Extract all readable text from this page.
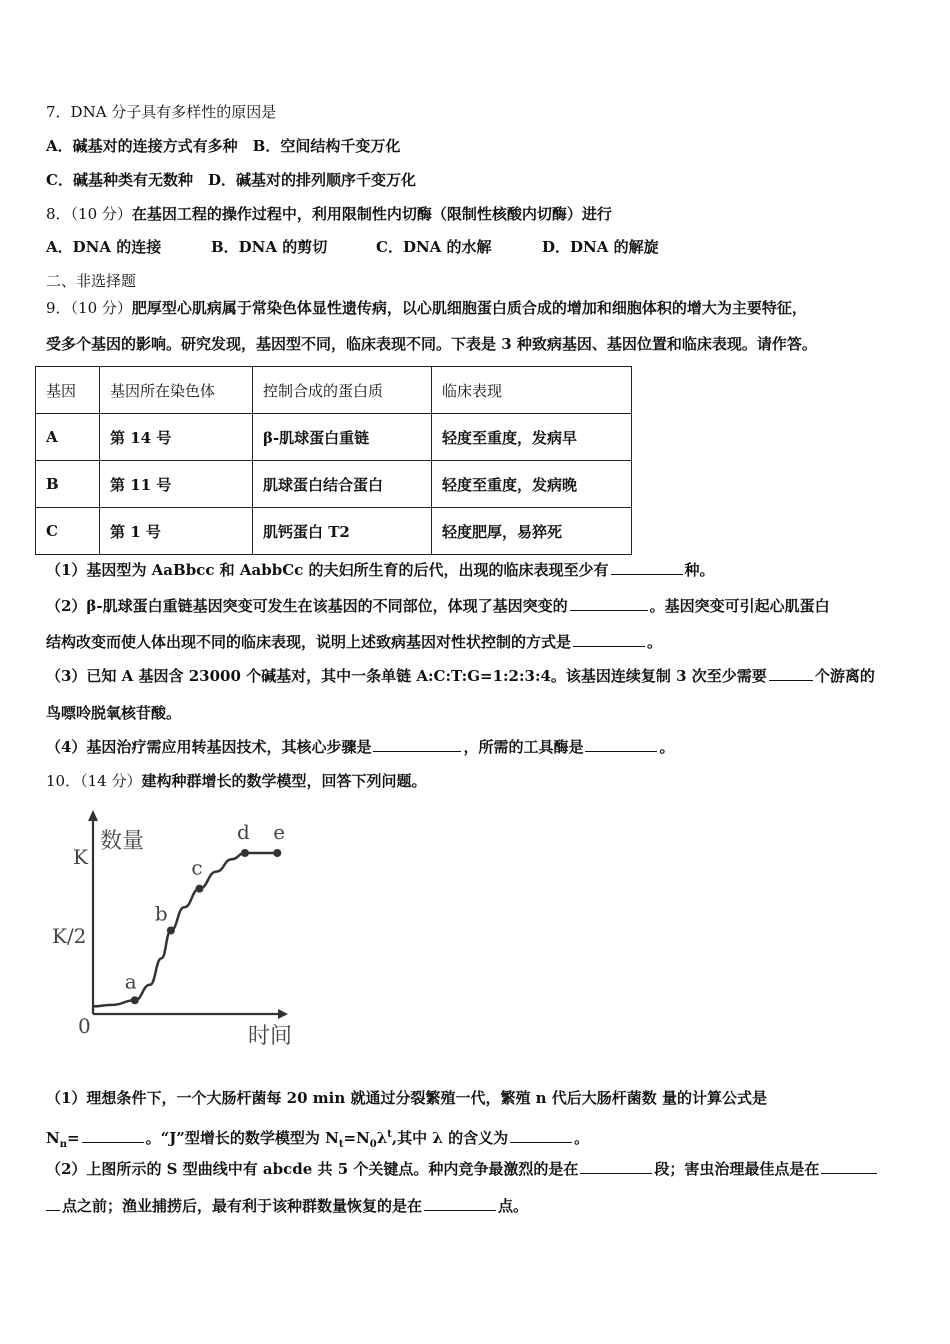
7．DNA 分子具有多样性的原因是
A．碱基对的连接方式有多种　B．空间结构千变万化
C．碱基种类有无数种　D．碱基对的排列顺序千变万化
8．（10 分）在基因工程的操作过程中，利用限制性内切酶（限制性核酸内切酶）进行
A．DNA 的连接	B．DNA 的剪切	C．DNA 的水解	D．DNA 的解旋
二、非选择题
9．（10 分）肥厚型心肌病属于常染色体显性遗传病，以心肌细胞蛋白质合成的增加和细胞体积的增大为主要特征，
受多个基因的影响。研究发现，基因型不同，临床表现不同。下表是 3 种致病基因、基因位置和临床表现。请作答。
基因	基因所在染色体	控制合成的蛋白质	临床表现
A	第 14 号	β-肌球蛋白重链	轻度至重度，发病早
B	第 11 号	肌球蛋白结合蛋白	轻度至重度，发病晚
C	第 1 号	肌钙蛋白 T2	轻度肥厚，易猝死
（1）基因型为 AaBbcc 和 AabbCc 的夫妇所生育的后代，出现的临床表现至少有	种。
（2）β-肌球蛋白重链基因突变可发生在该基因的不同部位，体现了基因突变的	。基因突变可引起心肌蛋白
结构改变而使人体出现不同的临床表现，说明上述致病基因对性状控制的方式是	。
（3）已知 A 基因含 23000 个碱基对，其中一条单链 A:C:T:G=1:2:3:4。该基因连续复制 3 次至少需要	个游离的
鸟嘌呤脱氧核苷酸。
（4）基因治疗需应用转基因技术，其核心步骤是	，所需的工具酶是	。
10．（14 分）建构种群增长的数学模型，回答下列问题。
数量
时间
0
K
K/2
a
b
c
d e
（1）理想条件下，一个大肠杆菌每 20 min 就通过分裂繁殖一代，繁殖 n 代后大肠杆菌数 量的计算公式是
$N_n=$	。“J”型增长的数学模型为 $N_t=N_0\lambda^t$,其中 λ 的含义为	。
（2）上图所示的 S 型曲线中有 abcde 共 5 个关键点。种内竞争最激烈的是在	段；害虫治理最佳点是在
点之前；渔业捕捞后，最有利于该种群数量恢复的是在	点。
